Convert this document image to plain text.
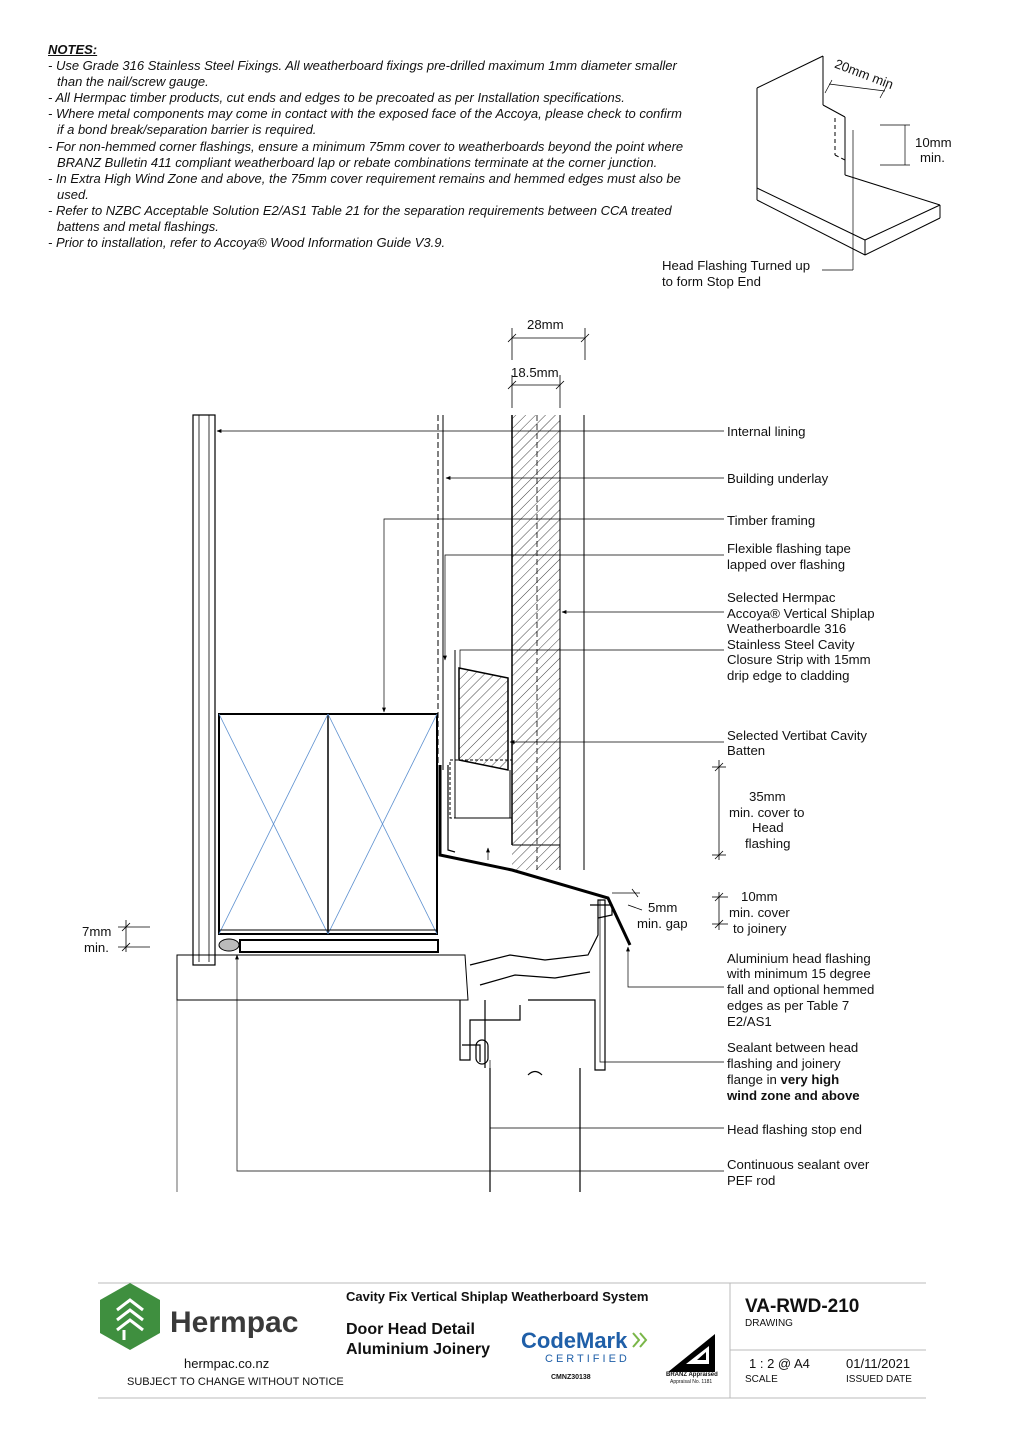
NOTES:
- Use Grade 316 Stainless Steel Fixings. All weatherboard fixings pre-drilled maximum 1mm diameter smaller than the nail/screw gauge.
- All Hermpac timber products, cut ends and edges to be precoated as per Installation specifications.
- Where metal components may come in contact with the exposed face of the Accoya, please check to confirm if a bond break/separation barrier is required.
- For non-hemmed corner flashings, ensure a minimum 75mm cover to weatherboards beyond the point where BRANZ Bulletin 411 compliant weatherboard lap or rebate combinations terminate at the corner junction.
- In Extra High Wind Zone and above, the 75mm cover requirement remains and hemmed edges must also be used.
- Refer to NZBC Acceptable Solution E2/AS1 Table 21 for the separation requirements between CCA treated battens and metal flashings.
- Prior to installation, refer to Accoya® Wood Information Guide V3.9.
20mm min
10mm
min.
Head Flashing Turned up
to form Stop End
28mm
18.5mm
Internal lining
Building underlay
Timber framing
Flexible flashing tape
lapped over flashing
Selected Hermpac
Accoya® Vertical Shiplap
Weatherboardle 316
Stainless Steel Cavity
Closure Strip with 15mm
drip edge to cladding
Selected Vertibat Cavity
Batten
35mm
min. cover to
Head
flashing
10mm
min. cover
to joinery
5mm
min. gap
7mm
min.
Aluminium head flashing
with minimum 15 degree
fall and optional hemmed
edges as per Table 7
E2/AS1
Sealant between head
flashing and joinery
flange in very high
wind zone and above
Head flashing stop end
Continuous sealant over
PEF rod
Hermpac
hermpac.co.nz
SUBJECT TO CHANGE WITHOUT NOTICE
Cavity Fix Vertical Shiplap Weatherboard System
Door Head Detail
Aluminium Joinery CodeMark
CERTIFIED
CMNZ30138	BRANZ Appraised
Appraisal No. 1181
VA-RWD-210
DRAWING
1 : 2 @ A4
SCALE
01/11/2021
ISSUED DATE
